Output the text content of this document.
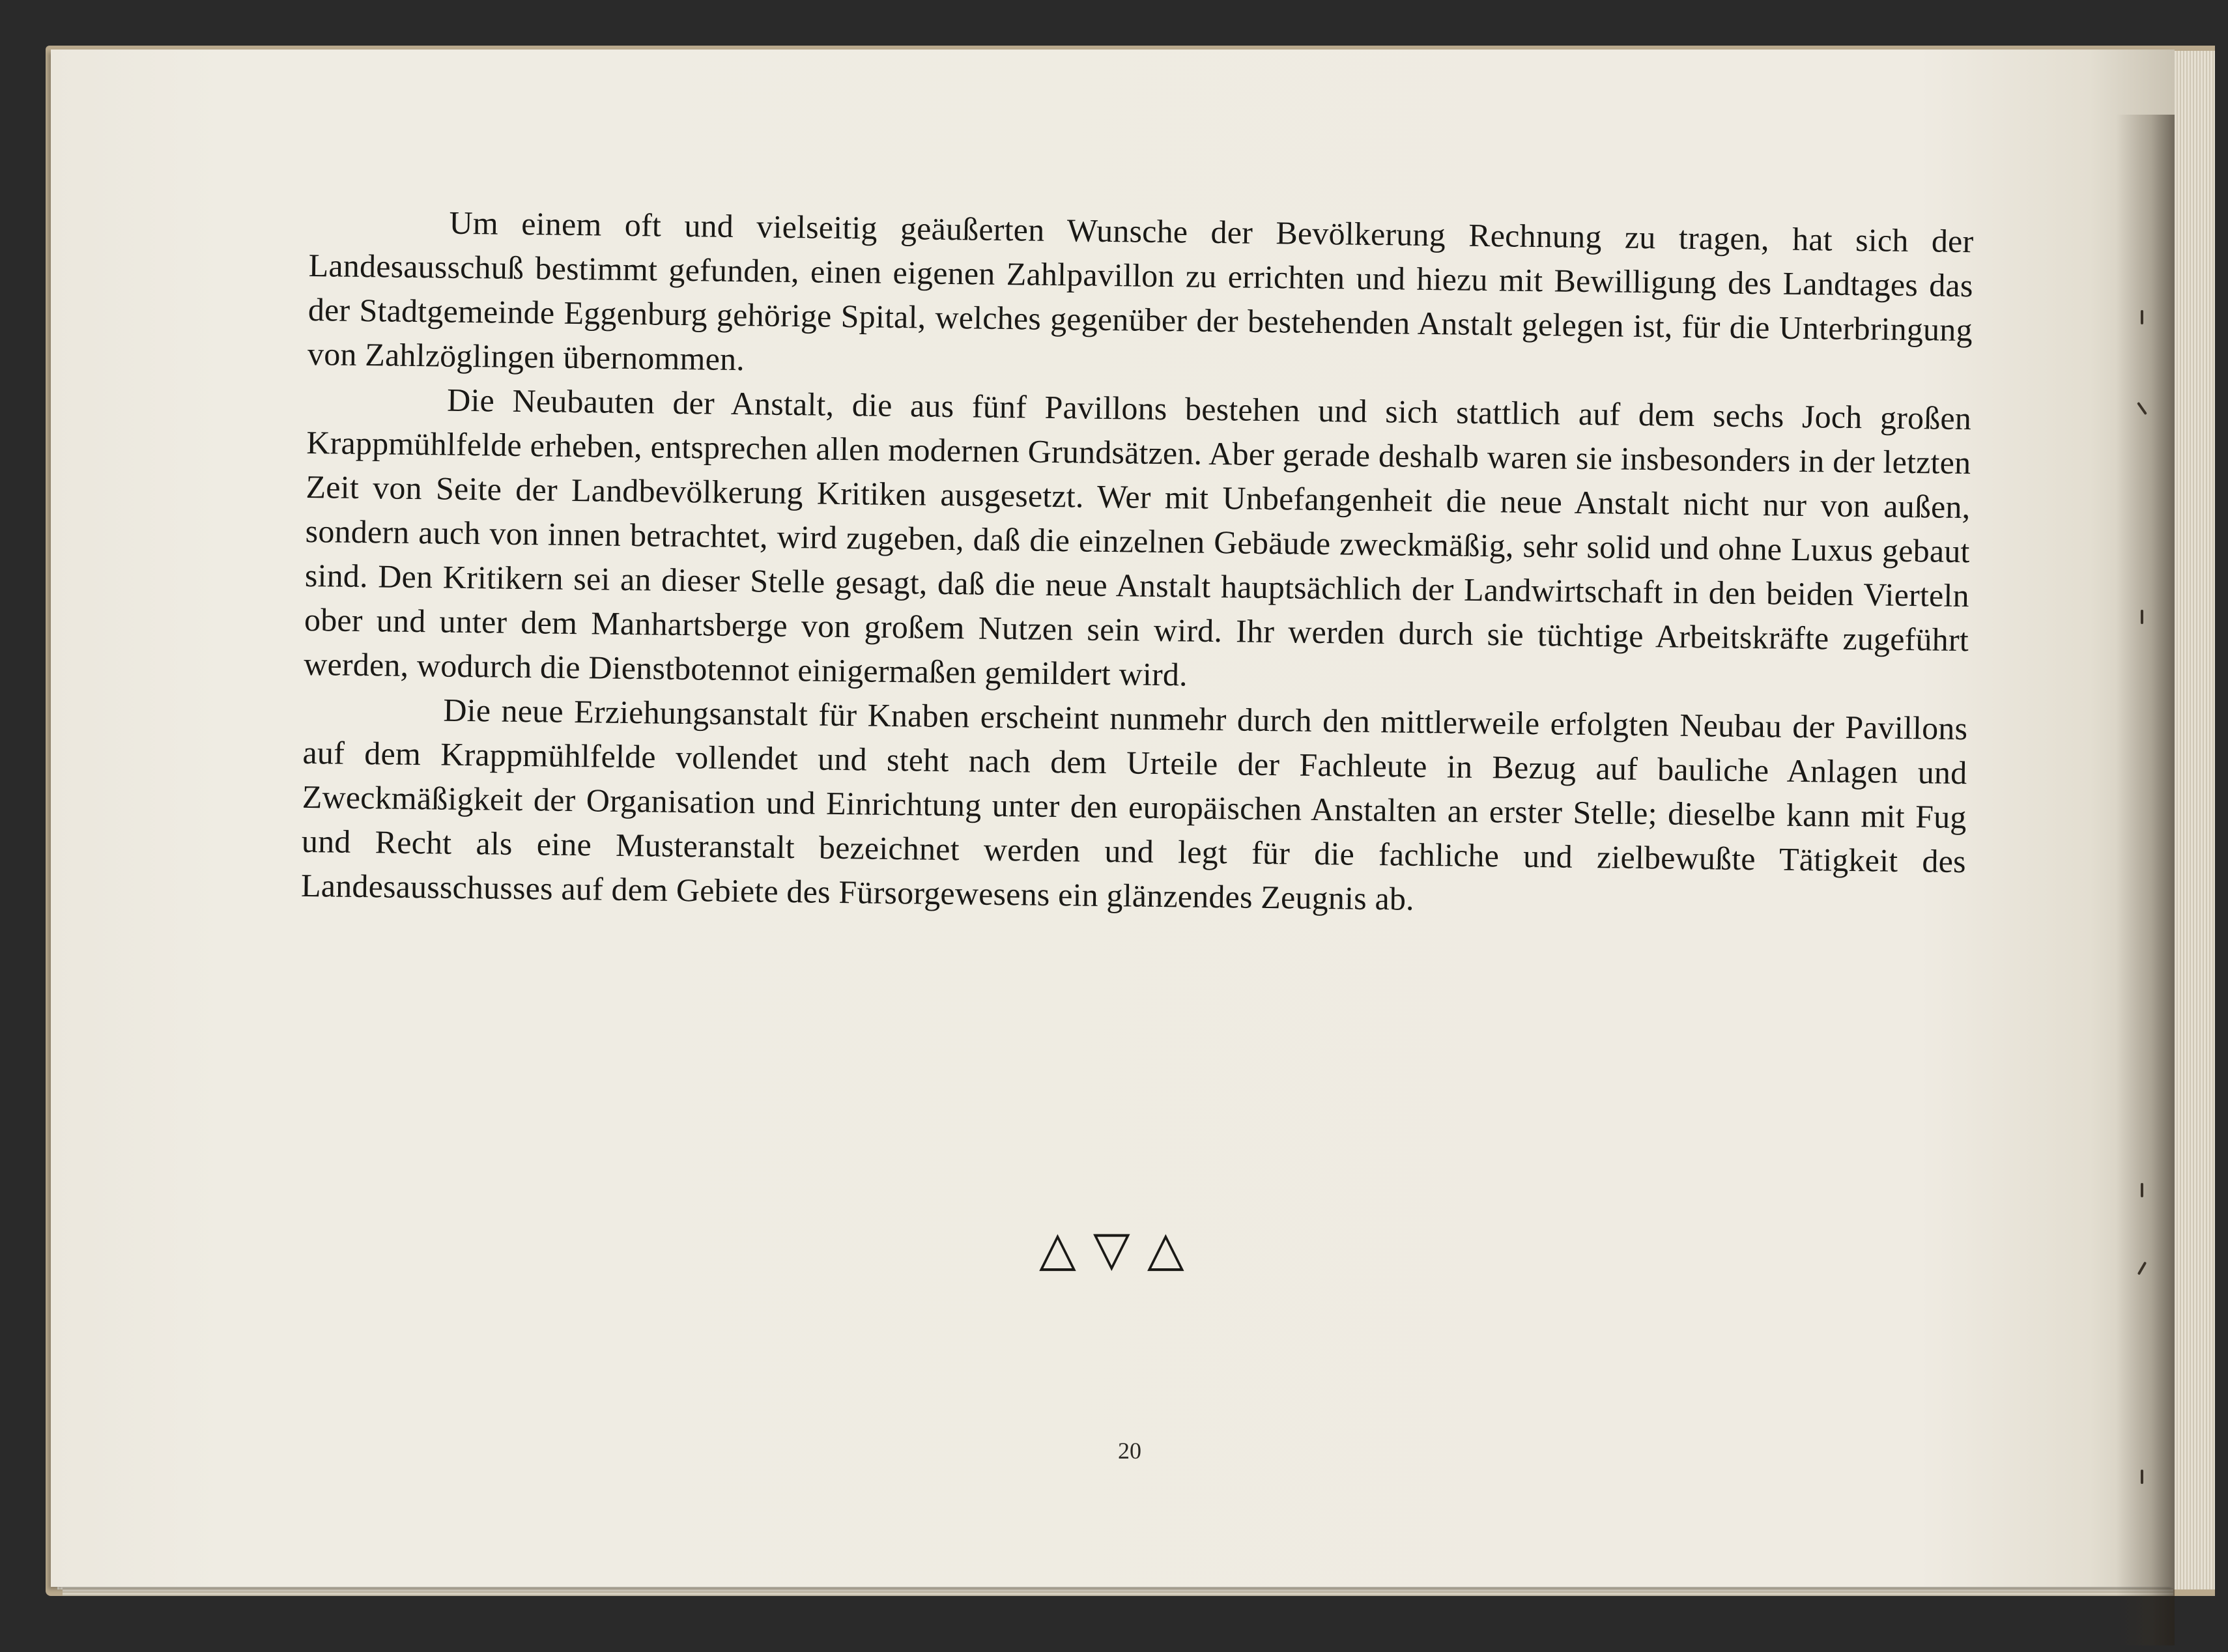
Um einem oft und vielseitig geäußerten Wunsche der Bevölkerung Rechnung zu tragen, hat sich der Landesausschuß bestimmt gefunden, einen eigenen Zahlpavillon zu errichten und hiezu mit Bewilligung des Landtages das der Stadtgemeinde Eggenburg gehörige Spital, welches gegenüber der bestehenden Anstalt gelegen ist, für die Unterbringung von Zahlzöglingen übernommen.

Die Neubauten der Anstalt, die aus fünf Pavillons bestehen und sich stattlich auf dem sechs Joch großen Krappmühlfelde erheben, entsprechen allen modernen Grundsätzen. Aber gerade deshalb waren sie insbesonders in der letzten Zeit von Seite der Landbevölkerung Kritiken ausgesetzt. Wer mit Unbefangenheit die neue Anstalt nicht nur von außen, sondern auch von innen betrachtet, wird zugeben, daß die einzelnen Gebäude zweckmäßig, sehr solid und ohne Luxus gebaut sind. Den Kritikern sei an dieser Stelle gesagt, daß die neue Anstalt hauptsächlich der Landwirtschaft in den beiden Vierteln ober und unter dem Manhartsberge von großem Nutzen sein wird. Ihr werden durch sie tüchtige Arbeitskräfte zugeführt werden, wodurch die Dienstbotennot einigermaßen gemildert wird.

Die neue Erziehungsanstalt für Knaben erscheint nunmehr durch den mittlerweile erfolgten Neubau der Pavillons auf dem Krappmühlfelde vollendet und steht nach dem Urteile der Fachleute in Bezug auf bauliche Anlagen und Zweckmäßigkeit der Organisation und Einrichtung unter den europäischen Anstalten an erster Stelle; dieselbe kann mit Fug und Recht als eine Musteranstalt bezeichnet werden und legt für die fachliche und zielbewußte Tätigkeit des Landesausschusses auf dem Gebiete des Fürsorgewesens ein glänzendes Zeugnis ab.

△ ▽ △
20
